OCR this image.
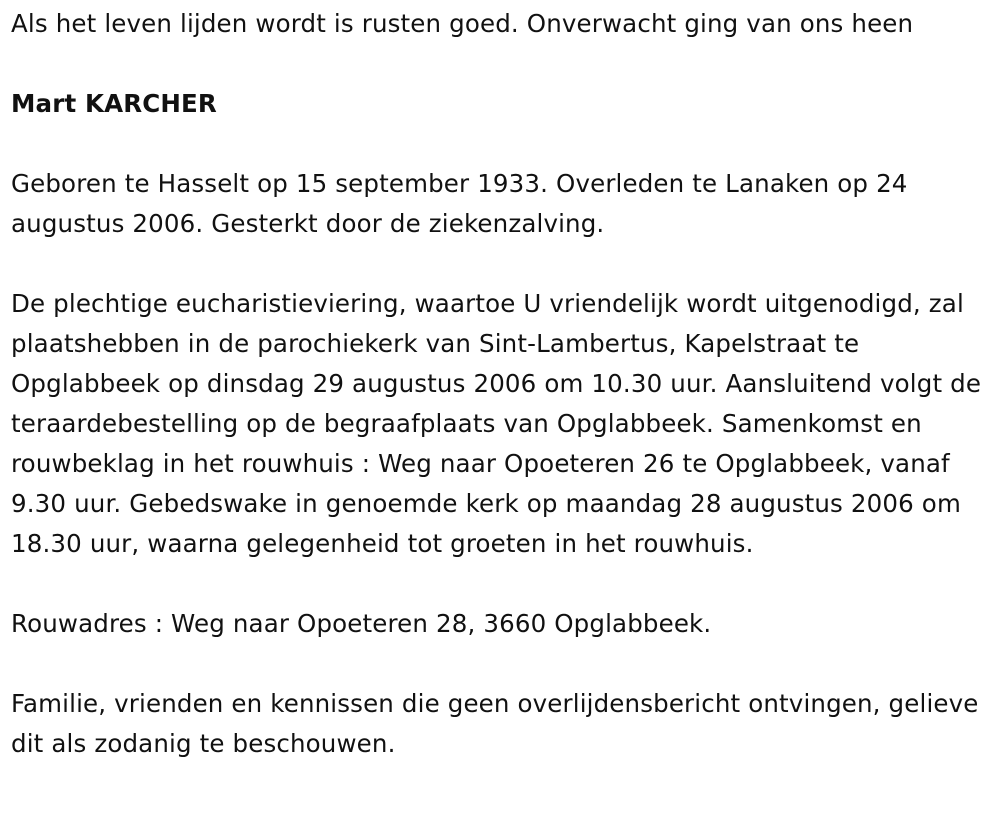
Als het leven lijden wordt is rusten goed. Onverwacht ging van ons heen

Mart KARCHER

Geboren te Hasselt op 15 september 1933. Overleden te Lanaken op 24 augustus 2006. Gesterkt door de ziekenzalving.

De plechtige eucharistieviering, waartoe U vriendelijk wordt uitgenodigd, zal plaatshebben in de parochiekerk van Sint-Lambertus, Kapelstraat te Opglabbeek op dinsdag 29 augustus 2006 om 10.30 uur. Aansluitend volgt de teraardebestelling op de begraafplaats van Opglabbeek. Samenkomst en rouwbeklag in het rouwhuis : Weg naar Opoeteren 26 te Opglabbeek, vanaf 9.30 uur. Gebedswake in genoemde kerk op maandag 28 augustus 2006 om 18.30 uur, waarna gelegenheid tot groeten in het rouwhuis.

Rouwadres : Weg naar Opoeteren 28, 3660 Opglabbeek.

Familie, vrienden en kennissen die geen overlijdensbericht ontvingen, gelieve dit als zodanig te beschouwen.
